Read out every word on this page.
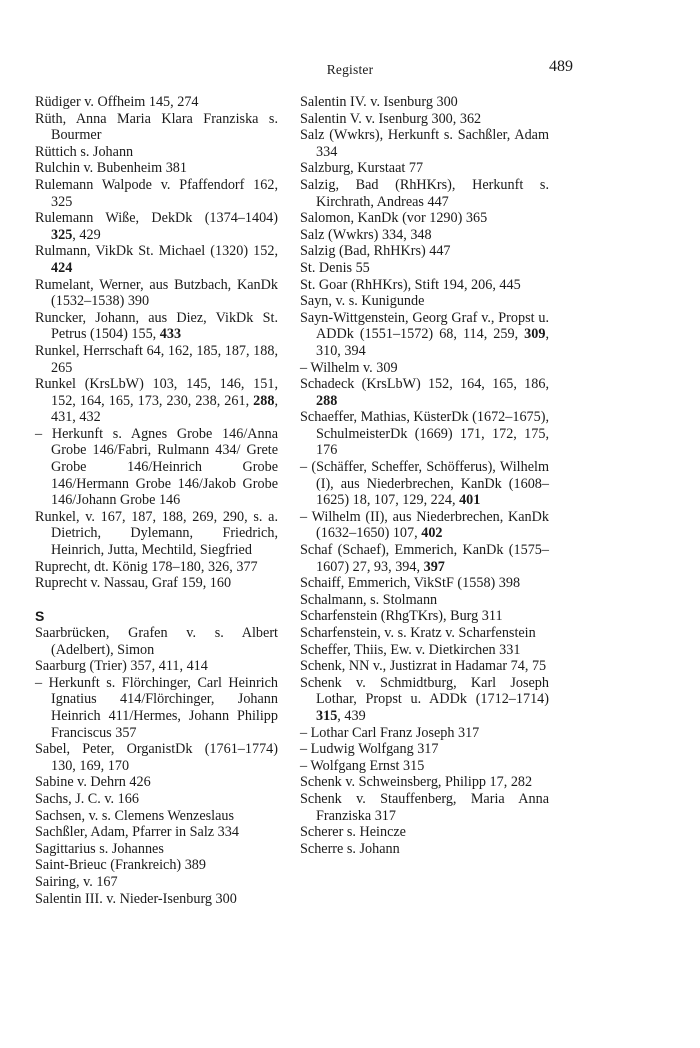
Register	489
Rüdiger v. Offheim 145, 274
Rüth, Anna Maria Klara Franziska s. Bourmer
Rüttich s. Johann
Rulchin v. Bubenheim 381
Rulemann Walpode v. Pfaffendorf 162, 325
Rulemann Wiße, DekDk (1374–1404) 325, 429
Rulmann, VikDk St. Michael (1320) 152, 424
Rumelant, Werner, aus Butzbach, KanDk (1532–1538) 390
Runcker, Johann, aus Diez, VikDk St. Petrus (1504) 155, 433
Runkel, Herrschaft 64, 162, 185, 187, 188, 265
Runkel (KrsLbW) 103, 145, 146, 151, 152, 164, 165, 173, 230, 238, 261, 288, 431, 432
– Herkunft s. Agnes Grobe 146/Anna Grobe 146/Fabri, Rulmann 434/ Grete Grobe 146/Heinrich Grobe 146/Hermann Grobe 146/Jakob Grobe 146/Johann Grobe 146
Runkel, v. 167, 187, 188, 269, 290, s. a. Dietrich, Dylemann, Friedrich, Heinrich, Jutta, Mechtild, Siegfried
Ruprecht, dt. König 178–180, 326, 377
Ruprecht v. Nassau, Graf 159, 160
S
Saarbrücken, Grafen v. s. Albert (Adelbert), Simon
Saarburg (Trier) 357, 411, 414
– Herkunft s. Flörchinger, Carl Heinrich Ignatius 414/Flörchinger, Johann Heinrich 411/Hermes, Johann Philipp Franciscus 357
Sabel, Peter, OrganistDk (1761–1774) 130, 169, 170
Sabine v. Dehrn 426
Sachs, J. C. v. 166
Sachsen, v. s. Clemens Wenzeslaus
Sachßler, Adam, Pfarrer in Salz 334
Sagittarius s. Johannes
Saint-Brieuc (Frankreich) 389
Sairing, v. 167
Salentin III. v. Nieder-Isenburg 300
Salentin IV. v. Isenburg 300
Salentin V. v. Isenburg 300, 362
Salz (Wwkrs), Herkunft s. Sachßler, Adam 334
Salzburg, Kurstaat 77
Salzig, Bad (RhHKrs), Herkunft s. Kirchrath, Andreas 447
Salomon, KanDk (vor 1290) 365
Salz (Wwkrs) 334, 348
Salzig (Bad, RhHKrs) 447
St. Denis 55
St. Goar (RhHKrs), Stift 194, 206, 445
Sayn, v. s. Kunigunde
Sayn-Wittgenstein, Georg Graf v., Propst u. ADDk (1551–1572) 68, 114, 259, 309, 310, 394
– Wilhelm v. 309
Schadeck (KrsLbW) 152, 164, 165, 186, 288
Schaeffer, Mathias, KüsterDk (1672–1675), SchulmeisterDk (1669) 171, 172, 175, 176
– (Schäffer, Scheffer, Schöfferus), Wilhelm (I), aus Niederbrechen, KanDk (1608–1625) 18, 107, 129, 224, 401
– Wilhelm (II), aus Niederbrechen, KanDk (1632–1650) 107, 402
Schaf (Schaef), Emmerich, KanDk (1575–1607) 27, 93, 394, 397
Schaiff, Emmerich, VikStF (1558) 398
Schalmann, s. Stolmann
Scharfenstein (RhgTKrs), Burg 311
Scharfenstein, v. s. Kratz v. Scharfenstein
Scheffer, Thiis, Ew. v. Dietkirchen 331
Schenk, NN v., Justizrat in Hadamar 74, 75
Schenk v. Schmidtburg, Karl Joseph Lothar, Propst u. ADDk (1712–1714) 315, 439
– Lothar Carl Franz Joseph 317
– Ludwig Wolfgang 317
– Wolfgang Ernst 315
Schenk v. Schweinsberg, Philipp 17, 282
Schenk v. Stauffenberg, Maria Anna Franziska 317
Scherer s. Heincze
Scherre s. Johann
